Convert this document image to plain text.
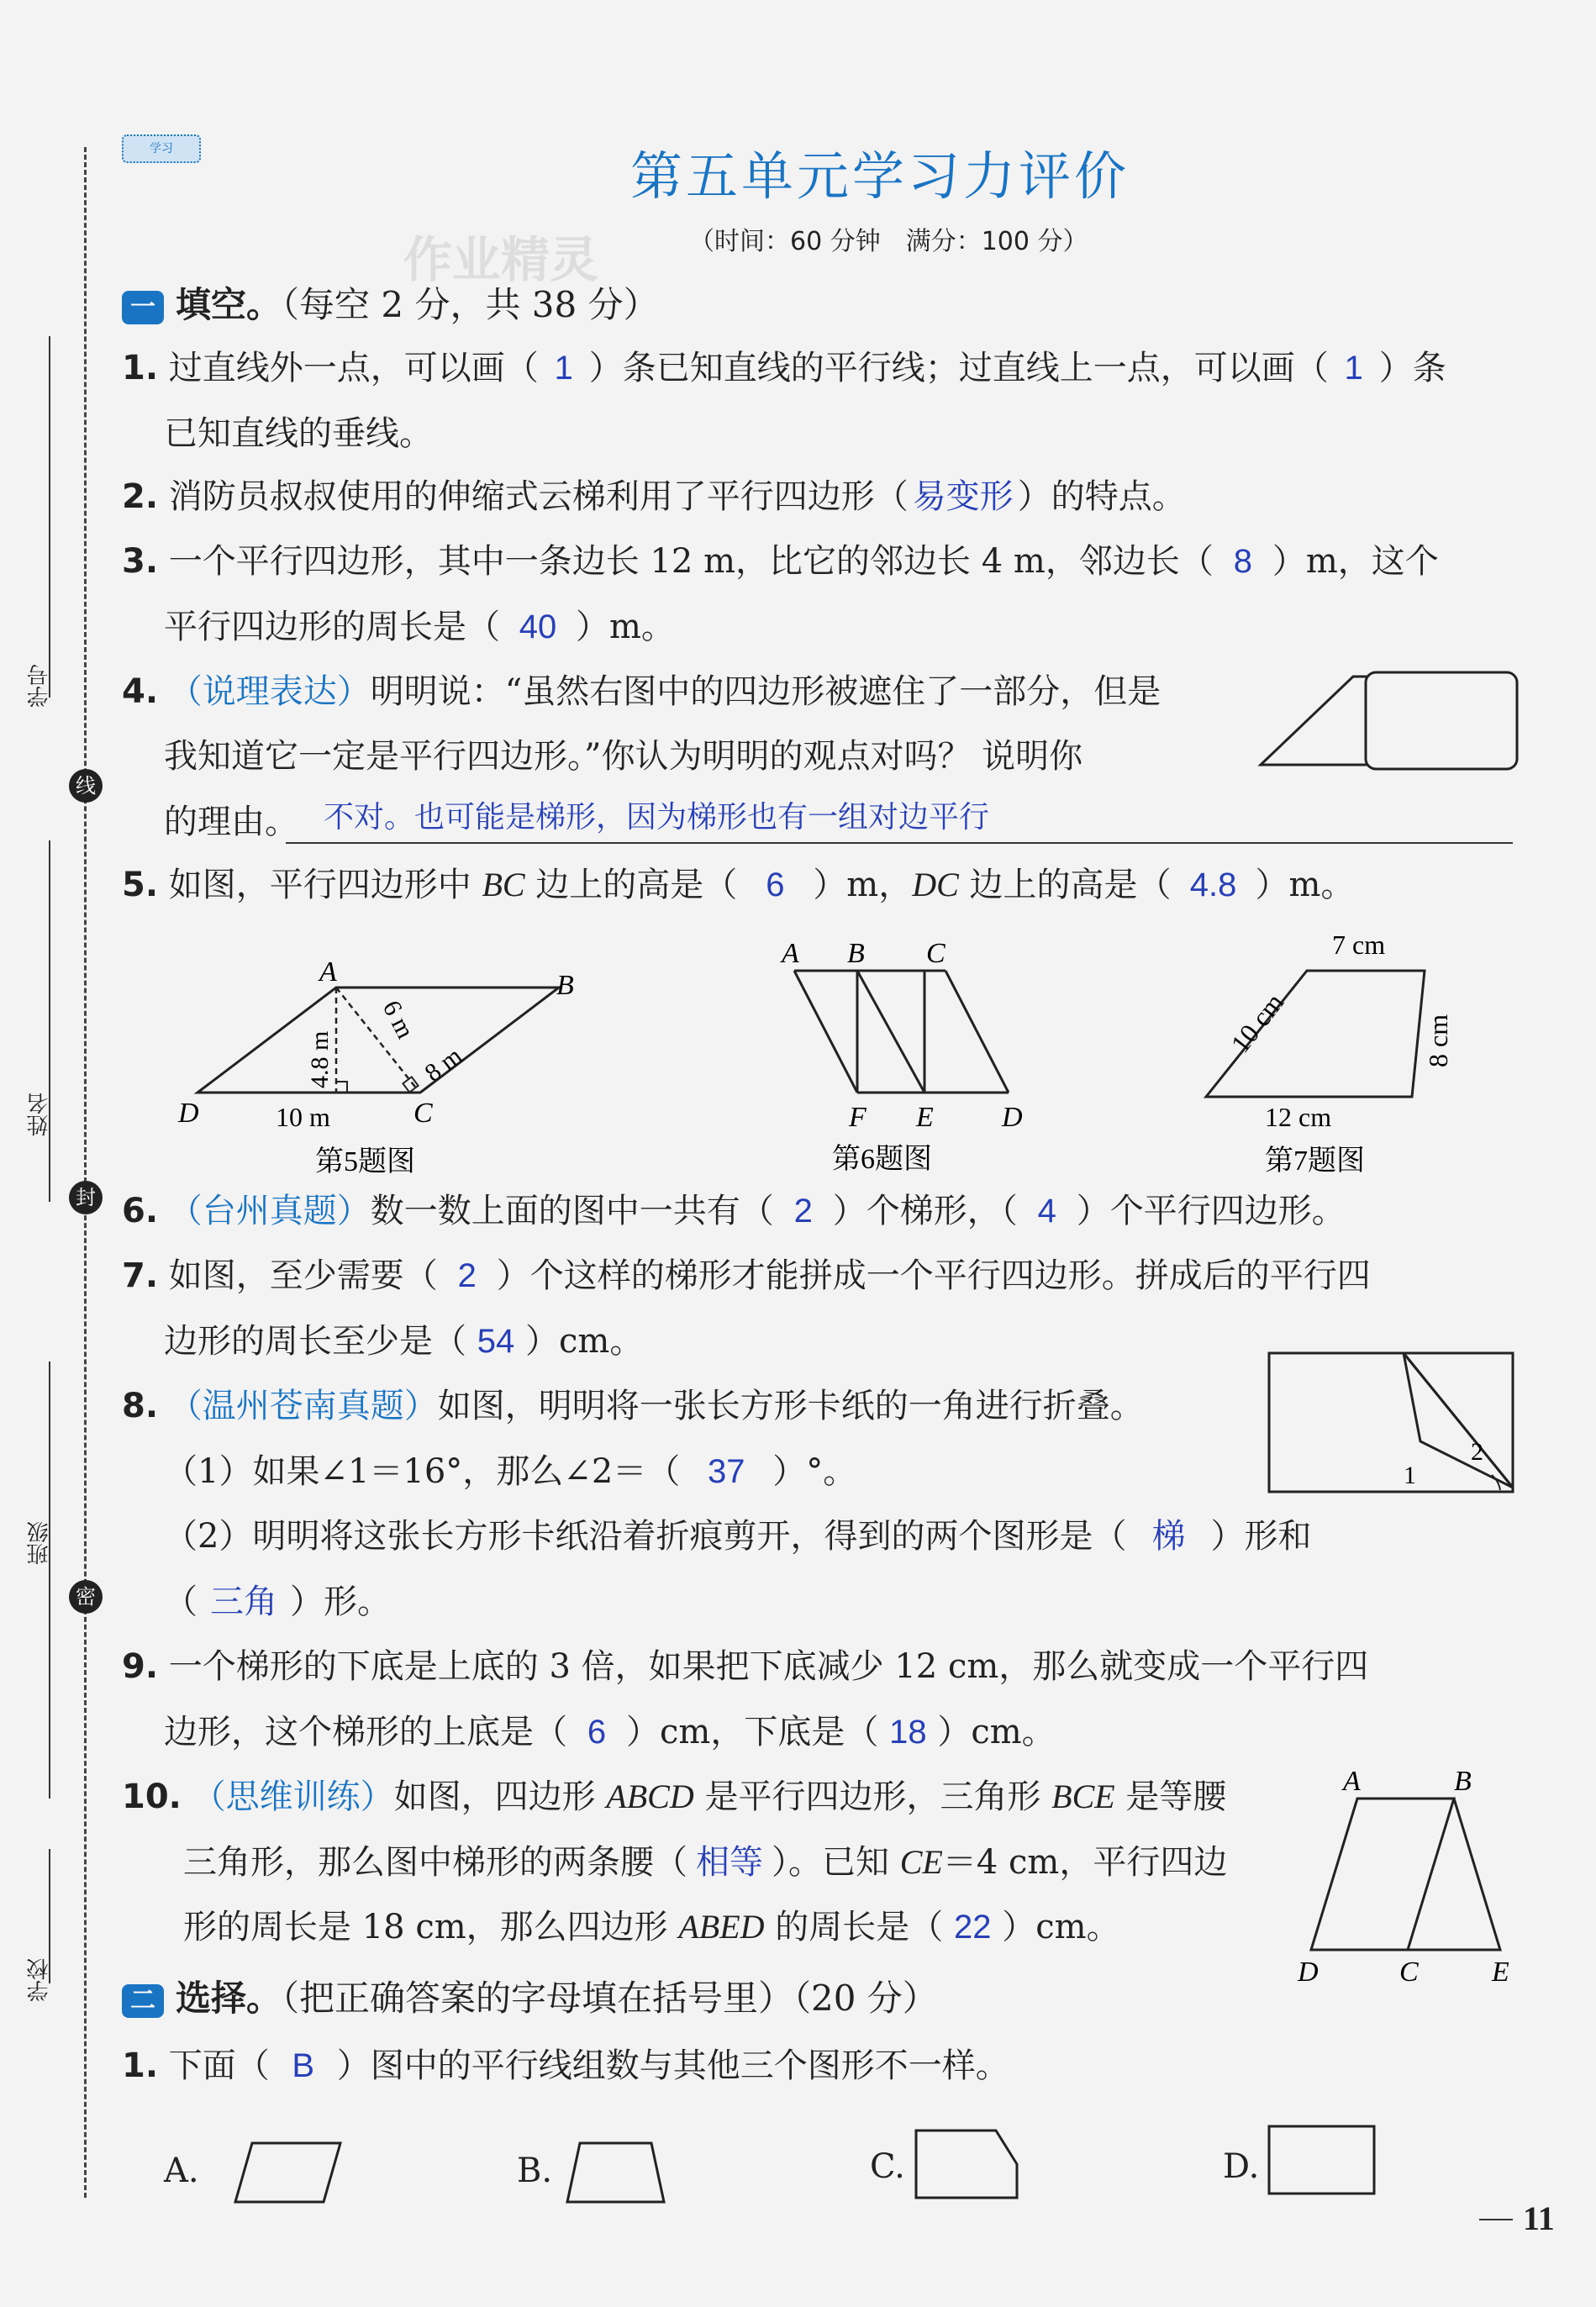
学号
姓名
班级
学校
线
封
密
学习	第五单元学习力评价
（时间：60 分钟　满分：100 分）
作业精灵
一 填空。（每空 2 分，共 38 分）
1. 过直线外一点，可以画（ 1 ）条已知直线的平行线；过直线上一点，可以画（ 1 ）条
已知直线的垂线。
2. 消防员叔叔使用的伸缩式云梯利用了平行四边形（ 易变形 ）的特点。
3. 一个平行四边形，其中一条边长 12 m，比它的邻边长 4 m，邻边长（ 8 ）m，这个
平行四边形的周长是（ 40 ）m。
4. （说理表达）明明说：“虽然右图中的四边形被遮住了一部分，但是
我知道它一定是平行四边形。”你认为明明的观点对吗？ 说明你
的理由。 不对。也可能是梯形，因为梯形也有一组对边平行
5. 如图，平行四边形中 BC 边上的高是（ 6 ）m，DC 边上的高是（ 4.8 ）m。
A	B
C
D
4.8 m
6 m
8 m
10 m
第5题图
A B C
F E D
第6题图
7 cm
10 cm	8 cm
12 cm
第7题图
6. （台州真题）数一数上面的图中一共有（ 2 ）个梯形，（ 4 ）个平行四边形。
7. 如图，至少需要（ 2 ）个这样的梯形才能拼成一个平行四边形。拼成后的平行四
边形的周长至少是（ 54 ）cm。
8. （温州苍南真题）如图，明明将一张长方形卡纸的一角进行折叠。
（1）如果∠1＝16°，那么∠2＝（ 37 ）°。
（2）明明将这张长方形卡纸沿着折痕剪开，得到的两个图形是（ 梯 ）形和
（ 三角 ）形。
1
2
9. 一个梯形的下底是上底的 3 倍，如果把下底减少 12 cm，那么就变成一个平行四
边形，这个梯形的上底是（ 6 ）cm，下底是（ 18 ）cm。
10. （思维训练）如图，四边形 ABCD 是平行四边形，三角形 BCE 是等腰
三角形，那么图中梯形的两条腰（ 相等 ）。已知 CE＝4 cm，平行四边
形的周长是 18 cm，那么四边形 ABED 的周长是（ 22 ）cm。
A	B
D	C	E
二 选择。（把正确答案的字母填在括号里）（20 分）
1. 下面（ B ）图中的平行线组数与其他三个图形不一样。
A.	B.	C.	D.
11
